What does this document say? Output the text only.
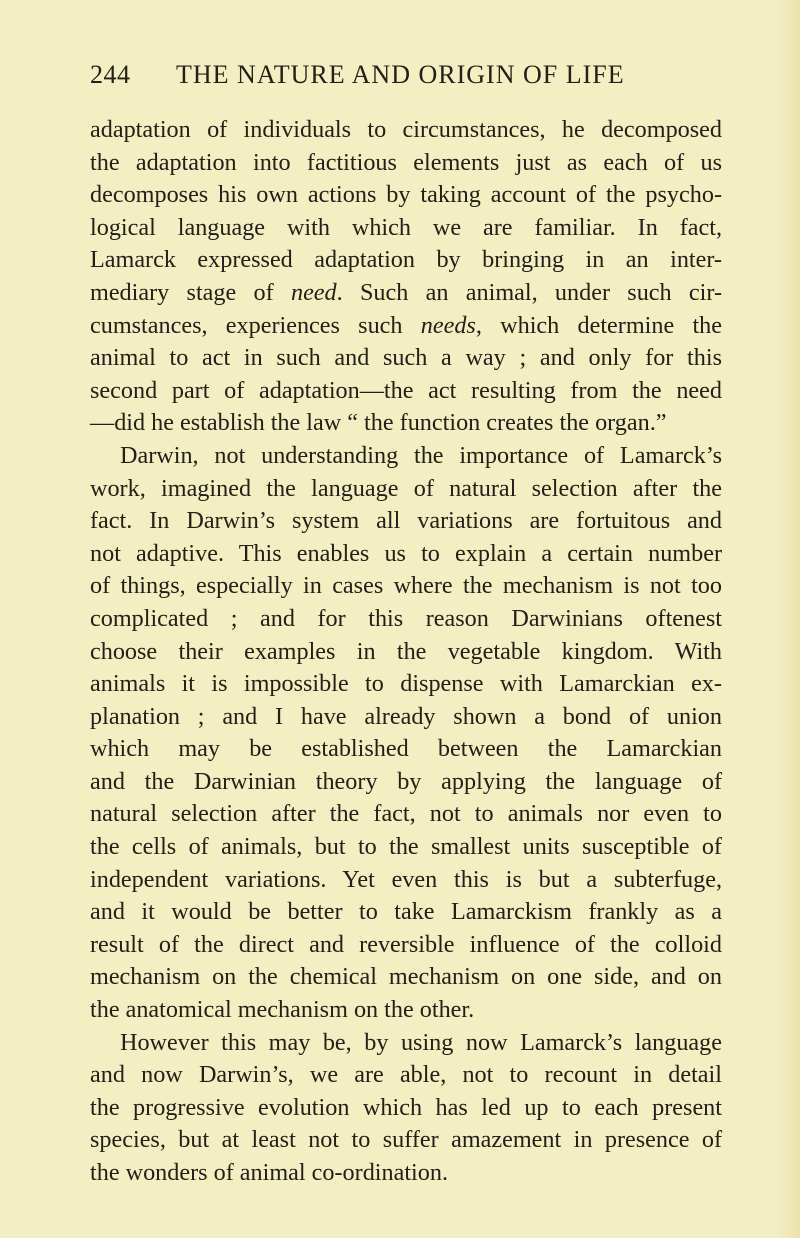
244 THE NATURE AND ORIGIN OF LIFE
adaptation of individuals to circumstances, he decomposed
the adaptation into factitious elements just as each of us
decomposes his own actions by taking account of the psycho-
logical language with which we are familiar. In fact,
Lamarck expressed adaptation by bringing in an inter-
mediary stage of need. Such an animal, under such cir-
cumstances, experiences such needs, which determine the
animal to act in such and such a way ; and only for this
second part of adaptation—the act resulting from the need
—did he establish the law “ the function creates the organ.”
Darwin, not understanding the importance of Lamarck’s
work, imagined the language of natural selection after the
fact. In Darwin’s system all variations are fortuitous and
not adaptive. This enables us to explain a certain number
of things, especially in cases where the mechanism is not too
complicated ; and for this reason Darwinians oftenest
choose their examples in the vegetable kingdom. With
animals it is impossible to dispense with Lamarckian ex-
planation ; and I have already shown a bond of union
which may be established between the Lamarckian
and the Darwinian theory by applying the language of
natural selection after the fact, not to animals nor even to
the cells of animals, but to the smallest units susceptible of
independent variations. Yet even this is but a subterfuge,
and it would be better to take Lamarckism frankly as a
result of the direct and reversible influence of the colloid
mechanism on the chemical mechanism on one side, and on
the anatomical mechanism on the other.
However this may be, by using now Lamarck’s language
and now Darwin’s, we are able, not to recount in detail
the progressive evolution which has led up to each present
species, but at least not to suffer amazement in presence of
the wonders of animal co-ordination.
